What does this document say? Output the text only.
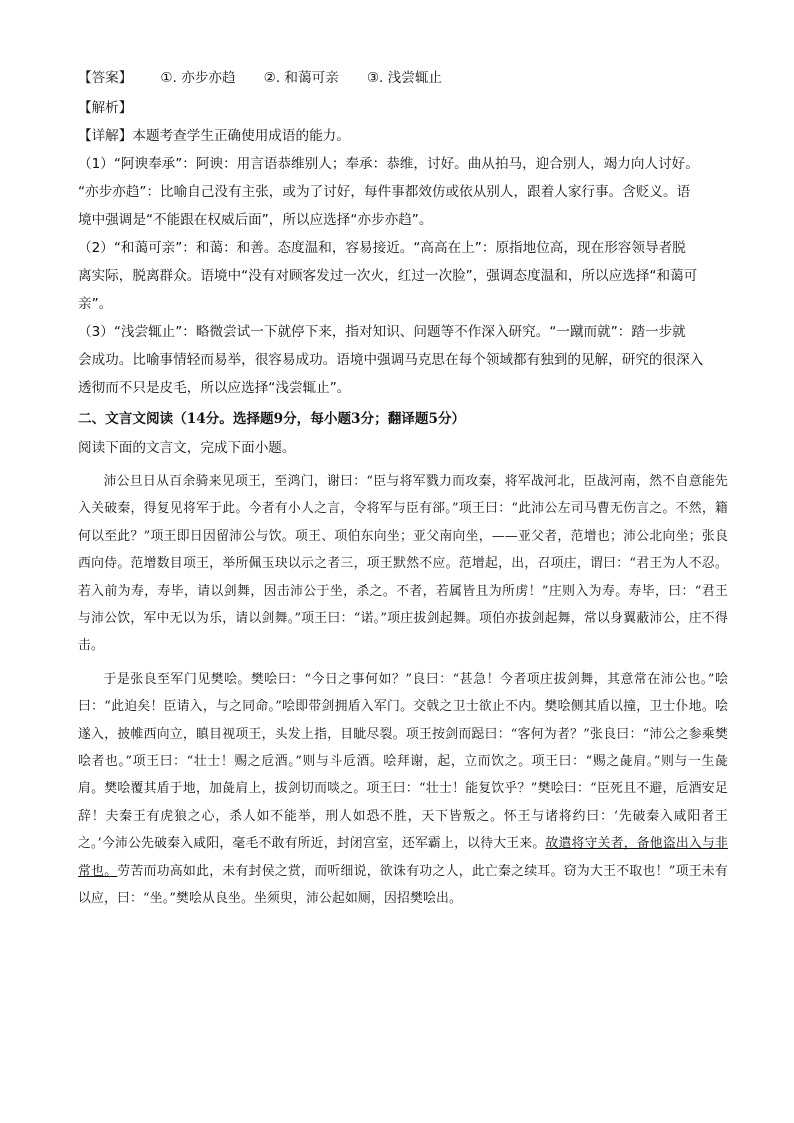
【答案】 ①. 亦步亦趋 ②. 和蔼可亲 ③. 浅尝辄止
【解析】
【详解】本题考查学生正确使用成语的能力。
（1）“阿谀奉承”：阿谀：用言语恭维别人；奉承：恭维，讨好。曲从拍马，迎合别人，竭力向人讨好。
“亦步亦趋”：比喻自己没有主张，或为了讨好，每件事都效仿或依从别人，跟着人家行事。含贬义。语
境中强调是“不能跟在权威后面”，所以应选择“亦步亦趋”。
（2）“和蔼可亲”：和蔼：和善。态度温和，容易接近。“高高在上”：原指地位高，现在形容领导者脱
离实际，脱离群众。语境中“没有对顾客发过一次火，红过一次脸”，强调态度温和，所以应选择“和蔼可
亲”。
（3）“浅尝辄止”：略微尝试一下就停下来，指对知识、问题等不作深入研究。“一蹴而就”：踏一步就
会成功。比喻事情轻而易举，很容易成功。语境中强调马克思在每个领域都有独到的见解，研究的很深入
透彻而不只是皮毛，所以应选择“浅尝辄止”。
二、文言文阅读（14分。选择题9分，每小题3分；翻译题5分）
阅读下面的文言文，完成下面小题。

沛公旦日从百余骑来见项王，至鸿门，谢曰：“臣与将军戮力而攻秦，将军战河北，臣战河南，然不自意能先入关破秦，得复见将军于此。今者有小人之言，令将军与臣有郤。”项王曰：“此沛公左司马曹无伤言之。不然，籍何以至此？”项王即日因留沛公与饮。项王、项伯东向坐；亚父南向坐，——亚父者，范增也；沛公北向坐；张良西向侍。范增数目项王，举所佩玉玦以示之者三，项王默然不应。范增起，出，召项庄，谓曰：“君王为人不忍。若入前为寿，寿毕，请以剑舞，因击沛公于坐，杀之。不者，若属皆且为所虏！”庄则入为寿。寿毕，曰：“君王与沛公饮，军中无以为乐，请以剑舞。”项王曰：“诺。”项庄拔剑起舞。项伯亦拔剑起舞，常以身翼蔽沛公，庄不得击。

于是张良至军门见樊哙。樊哙曰：“今日之事何如？”良曰：“甚急！今者项庄拔剑舞，其意常在沛公也。”哙曰：“此迫矣！臣请入，与之同命。”哙即带剑拥盾入军门。交戟之卫士欲止不内。樊哙侧其盾以撞，卫士仆地。哙遂入，披帷西向立，瞋目视项王，头发上指，目眦尽裂。项王按剑而跽曰：“客何为者？”张良曰：“沛公之参乘樊哙者也。”项王曰：“壮士！赐之卮酒。”则与斗卮酒。哙拜谢，起，立而饮之。项王曰：“赐之彘肩。”则与一生彘肩。樊哙覆其盾于地，加彘肩上，拔剑切而啖之。项王曰：“壮士！能复饮乎？”樊哙曰：“臣死且不避，卮酒安足辞！夫秦王有虎狼之心，杀人如不能举，刑人如恐不胜，天下皆叛之。怀王与诸将约曰：‘先破秦入咸阳者王之。’今沛公先破秦入咸阳，毫毛不敢有所近，封闭宫室，还军霸上，以待大王来。故遣将守关者，备他盗出入与非常也。劳苦而功高如此，未有封侯之赏，而听细说，欲诛有功之人，此亡秦之续耳。窃为大王不取也！”项王未有以应，曰：“坐。”樊哙从良坐。坐须臾，沛公起如厕，因招樊哙出。
